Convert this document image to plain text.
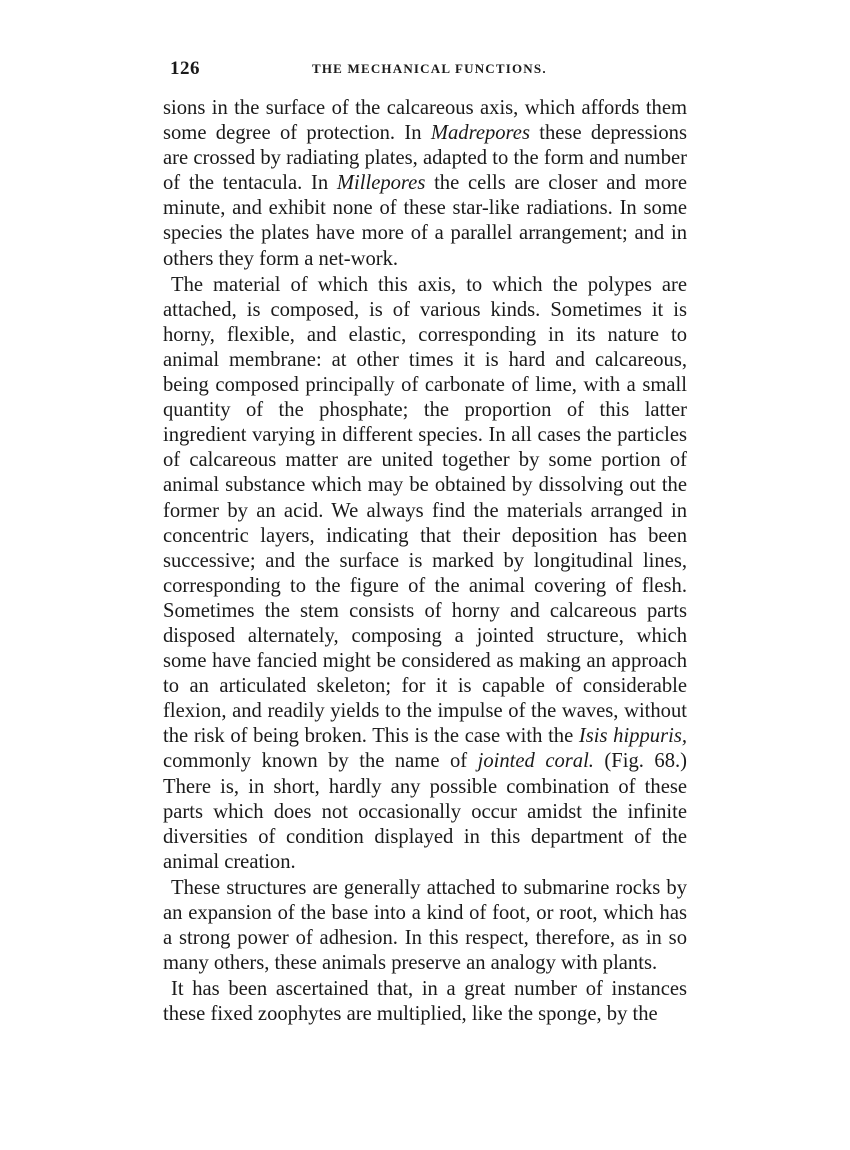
126	THE MECHANICAL FUNCTIONS.

sions in the surface of the calcareous axis, which affords them some degree of protection. In Madrepores these depressions are crossed by radiating plates, adapted to the form and number of the tentacula. In Millepores the cells are closer and more minute, and exhibit none of these star-like radiations. In some species the plates have more of a parallel arrangement; and in others they form a net-work.

The material of which this axis, to which the polypes are attached, is composed, is of various kinds. Sometimes it is horny, flexible, and elastic, corresponding in its nature to animal membrane: at other times it is hard and calcareous, being composed principally of carbonate of lime, with a small quantity of the phosphate; the proportion of this latter ingredient varying in different species. In all cases the particles of calcareous matter are united together by some portion of animal substance which may be obtained by dissolving out the former by an acid. We always find the materials arranged in concentric layers, indicating that their deposition has been successive; and the surface is marked by longitudinal lines, corresponding to the figure of the animal covering of flesh. Sometimes the stem consists of horny and calcareous parts disposed alternately, composing a jointed structure, which some have fancied might be considered as making an approach to an articulated skeleton; for it is capable of considerable flexion, and readily yields to the impulse of the waves, without the risk of being broken. This is the case with the Isis hippuris, commonly known by the name of jointed coral. (Fig. 68.) There is, in short, hardly any possible combination of these parts which does not occasionally occur amidst the infinite diversities of condition displayed in this department of the animal creation.

These structures are generally attached to submarine rocks by an expansion of the base into a kind of foot, or root, which has a strong power of adhesion. In this respect, therefore, as in so many others, these animals preserve an analogy with plants.

It has been ascertained that, in a great number of instances these fixed zoophytes are multiplied, like the sponge, by the
